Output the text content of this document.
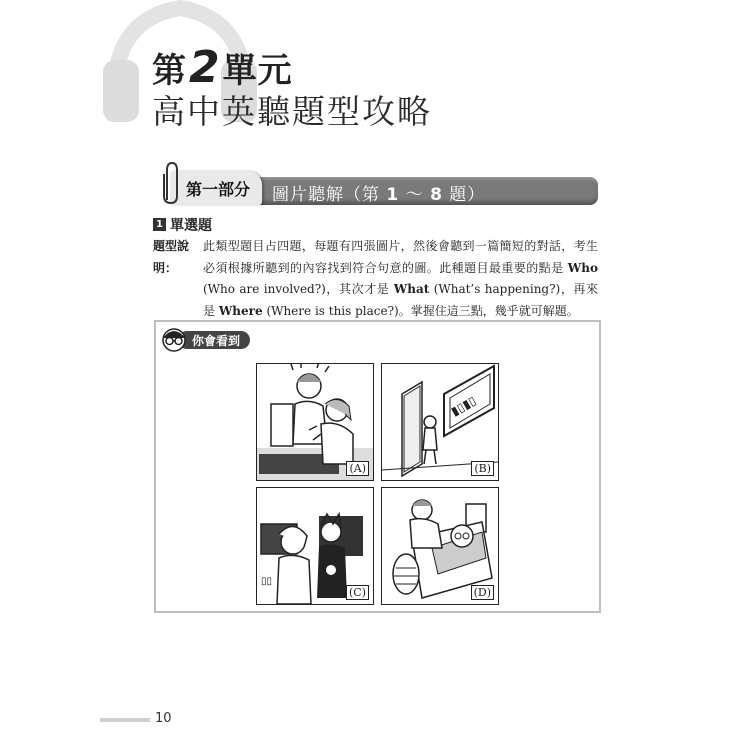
第2單元
高中英聽題型攻略
第一部分 圖片聽解（第 1 ～ 8 題）
1 單選題
題型說明：
此類型題目占四題，每題有四張圖片，然後會聽到一篇簡短的對話，考生必須根據所聽到的內容找到符合句意的圖。此種題目最重要的點是 Who (Who are involved?)，其次才是 What (What’s happening?)，再來是 Where (Where is this place?)。掌握住這三點，幾乎就可解題。
你會看到
(A)
▮▯▮▯
(B)
▯▯
(C)	(D)
10
